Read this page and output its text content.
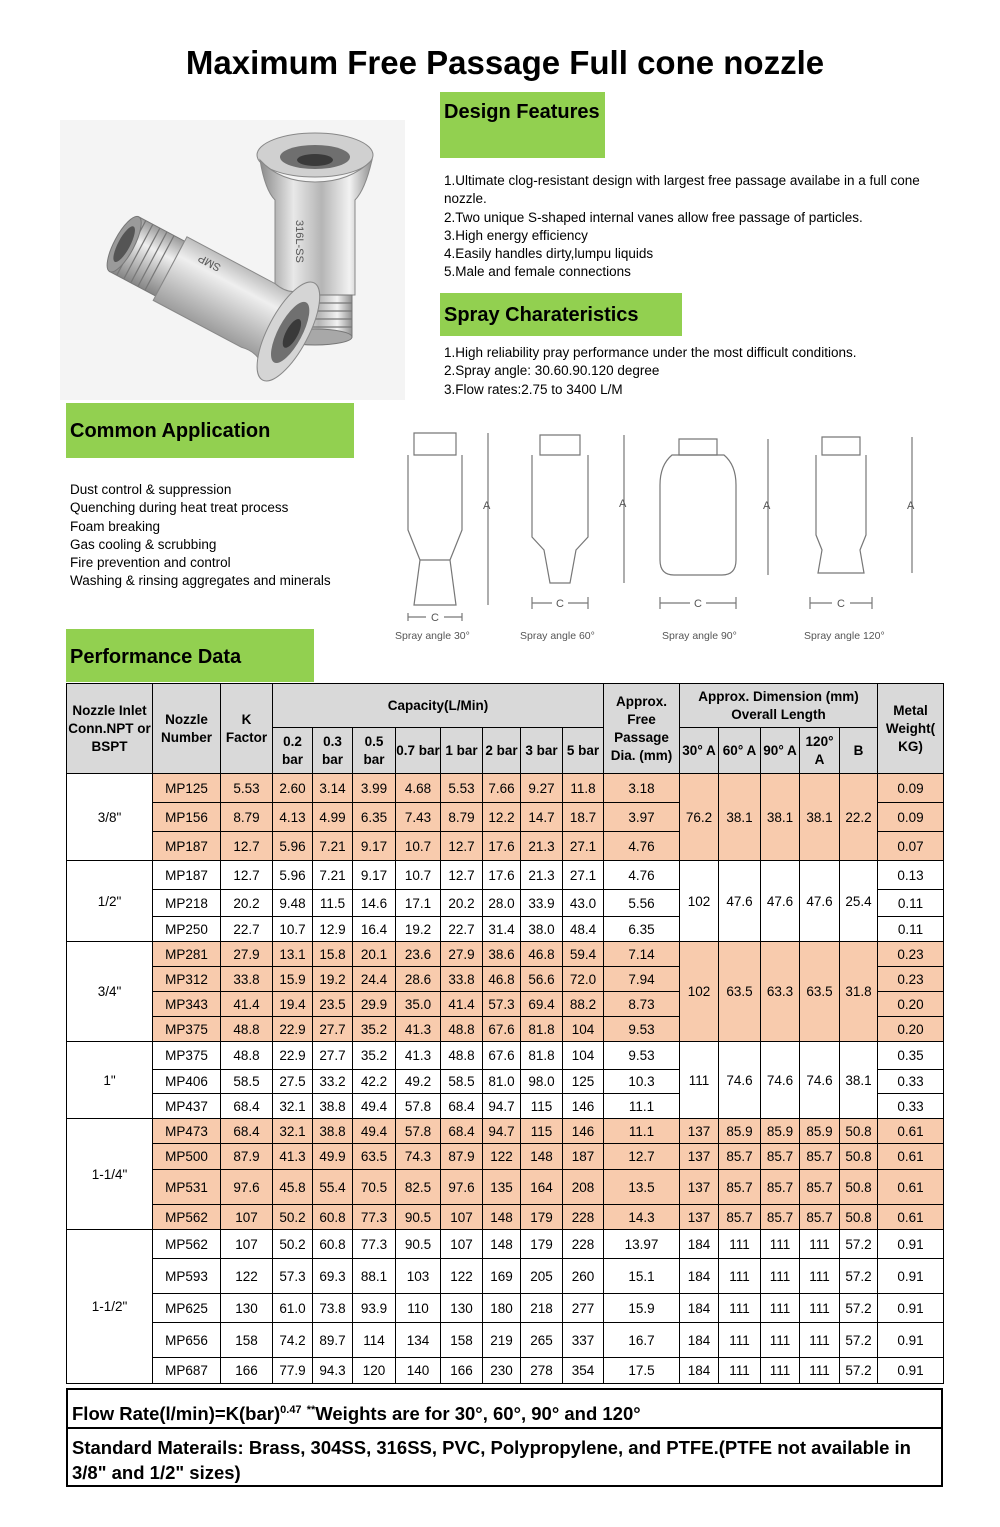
Maximum Free Passage Full cone nozzle
316L-SS
SMP
Design Features
1.Ultimate clog-resistant design with largest free passage availabe in a full cone nozzle.
2.Two unique S-shaped internal vanes allow free passage of particles.
3.High energy efficiency
4.Easily handles dirty,lumpu liquids
5.Male and female connections
Spray Charateristics
1.High reliability pray performance under the most difficult conditions.
2.Spray angle: 30.60.90.120 degree
3.Flow rates:2.75 to 3400 L/M
Common Application
Dust control & suppression
Quenching during heat treat process
Foam breaking
Gas cooling & scrubbing
Fire prevention and control
Washing & rinsing aggregates and minerals
A	A	A	A
C
C	C	C
Spray angle 30°	Spray angle 60°	Spray angle 90°	Spray angle 120°
Performance Data
Nozzle Inlet Conn.NPT or BSPT	Nozzle Number	K Factor	Capacity(L/Min)								Approx. Free Passage Dia. (mm)	Approx. Dimension (mm) Overall Length					Metal Weight( KG)
			0.2 bar	0.3 bar	0.5 bar	0.7 bar	1 bar	2 bar	3 bar	5 bar		30° A	60° A	90° A	120° A	B	
3/8"	MP125	5.53	2.60	3.14	3.99	4.68	5.53	7.66	9.27	11.8	3.18	76.2	38.1	38.1	38.1	22.2	0.09
	MP156	8.79	4.13	4.99	6.35	7.43	8.79	12.2	14.7	18.7	3.97						0.09
	MP187	12.7	5.96	7.21	9.17	10.7	12.7	17.6	21.3	27.1	4.76						0.07
1/2"	MP187	12.7	5.96	7.21	9.17	10.7	12.7	17.6	21.3	27.1	4.76	102	47.6	47.6	47.6	25.4	0.13
	MP218	20.2	9.48	11.5	14.6	17.1	20.2	28.0	33.9	43.0	5.56						0.11
	MP250	22.7	10.7	12.9	16.4	19.2	22.7	31.4	38.0	48.4	6.35						0.11
3/4"	MP281	27.9	13.1	15.8	20.1	23.6	27.9	38.6	46.8	59.4	7.14	102	63.5	63.3	63.5	31.8	0.23
	MP312	33.8	15.9	19.2	24.4	28.6	33.8	46.8	56.6	72.0	7.94						0.23
	MP343	41.4	19.4	23.5	29.9	35.0	41.4	57.3	69.4	88.2	8.73						0.20
	MP375	48.8	22.9	27.7	35.2	41.3	48.8	67.6	81.8	104	9.53						0.20
1"	MP375	48.8	22.9	27.7	35.2	41.3	48.8	67.6	81.8	104	9.53	111	74.6	74.6	74.6	38.1	0.35
	MP406	58.5	27.5	33.2	42.2	49.2	58.5	81.0	98.0	125	10.3						0.33
	MP437	68.4	32.1	38.8	49.4	57.8	68.4	94.7	115	146	11.1						0.33
1-1/4"	MP473	68.4	32.1	38.8	49.4	57.8	68.4	94.7	115	146	11.1	137	85.9	85.9	85.9	50.8	0.61
	MP500	87.9	41.3	49.9	63.5	74.3	87.9	122	148	187	12.7	137	85.7	85.7	85.7	50.8	0.61
	MP531	97.6	45.8	55.4	70.5	82.5	97.6	135	164	208	13.5	137	85.7	85.7	85.7	50.8	0.61
	MP562	107	50.2	60.8	77.3	90.5	107	148	179	228	14.3	137	85.7	85.7	85.7	50.8	0.61
1-1/2"	MP562	107	50.2	60.8	77.3	90.5	107	148	179	228	13.97	184	111	111	111	57.2	0.91
	MP593	122	57.3	69.3	88.1	103	122	169	205	260	15.1	184	111	111	111	57.2	0.91
	MP625	130	61.0	73.8	93.9	110	130	180	218	277	15.9	184	111	111	111	57.2	0.91
	MP656	158	74.2	89.7	114	134	158	219	265	337	16.7	184	111	111	111	57.2	0.91
	MP687	166	77.9	94.3	120	140	166	230	278	354	17.5	184	111	111	111	57.2	0.91
Flow Rate(l/min)=K(bar)$^{0.47}$ **Weights are for 30°, 60°, 90° and 120°
Standard Materails: Brass, 304SS, 316SS, PVC, Polypropylene, and PTFE.(PTFE not available in 3/8" and 1/2" sizes)
